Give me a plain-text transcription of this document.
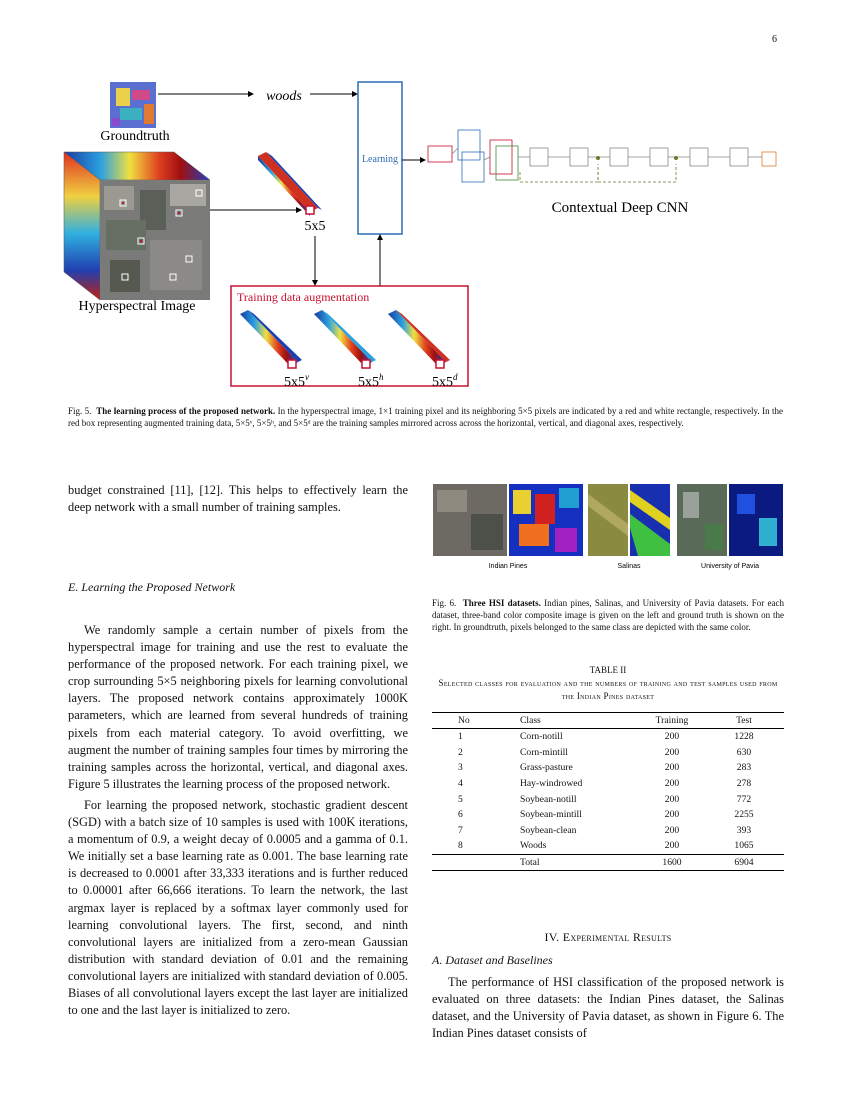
6
Groundtruth
woods
Hyperspectral Image
5x5
Learning
Contextual Deep CNN
Training data augmentation
5x5$^v$	5x5$^h$	5x5$^d$
Fig. 5. The learning process of the proposed network. In the hyperspectral image, 1×1 training pixel and its neighboring 5×5 pixels are indicated by a red and white rectangle, respectively. In the red box representing augmented training data, 5×5ᵛ, 5×5ʰ, and 5×5ᵈ are the training samples mirrored across across the horizontal, vertical, and diagonal axes, respectively.

budget constrained [11], [12]. This helps to effectively learn the deep network with a small number of training samples.

E. Learning the Proposed Network

We randomly sample a certain number of pixels from the hyperspectral image for training and use the rest to evaluate the performance of the proposed network. For each training pixel, we crop surrounding 5×5 neighboring pixels for learning convolutional layers. The proposed network contains approximately 1000K parameters, which are learned from several hundreds of training pixels from each material category. To avoid overfitting, we augment the number of training samples four times by mirroring the training samples across the horizontal, vertical, and diagonal axes. Figure 5 illustrates the learning process of the proposed network.

For learning the proposed network, stochastic gradient descent (SGD) with a batch size of 10 samples is used with 100K iterations, a momentum of 0.9, a weight decay of 0.0005 and a gamma of 0.1. We initially set a base learning rate as 0.001. The base learning rate is decreased to 0.0001 after 33,333 iterations and is further reduced to 0.00001 after 66,666 iterations. To learn the network, the last argmax layer is replaced by a softmax layer commonly used for learning convolutional layers. The first, second, and ninth convolutional layers are initialized from a zero-mean Gaussian distribution with standard deviation of 0.01 and the remaining convolutional layers are initialized with standard deviation of 0.005. Biases of all convolutional layers except the last layer are initialized to one and the last layer is initialized to zero.

Indian Pines	Salinas	University of Pavia
Fig. 6. Three HSI datasets. Indian pines, Salinas, and University of Pavia datasets. For each dataset, three-band color composite image is given on the left and ground truth is shown on the right. In groundtruth, pixels belonged to the same class are depicted with the same color.
TABLE II
Selected classes for evaluation and the numbers of training and test samples used from the Indian Pines dataset
No	Class	Training	Test
1	Corn-notill	200	1228
2	Corn-mintill	200	630
3	Grass-pasture	200	283
4	Hay-windrowed	200	278
5	Soybean-notill	200	772
6	Soybean-mintill	200	2255
7	Soybean-clean	200	393
8	Woods	200	1065
	Total	1600	6904
IV. Experimental Results
A. Dataset and Baselines

The performance of HSI classification of the proposed network is evaluated on three datasets: the Indian Pines dataset, the Salinas dataset, and the University of Pavia dataset, as shown in Figure 6. The Indian Pines dataset consists of
